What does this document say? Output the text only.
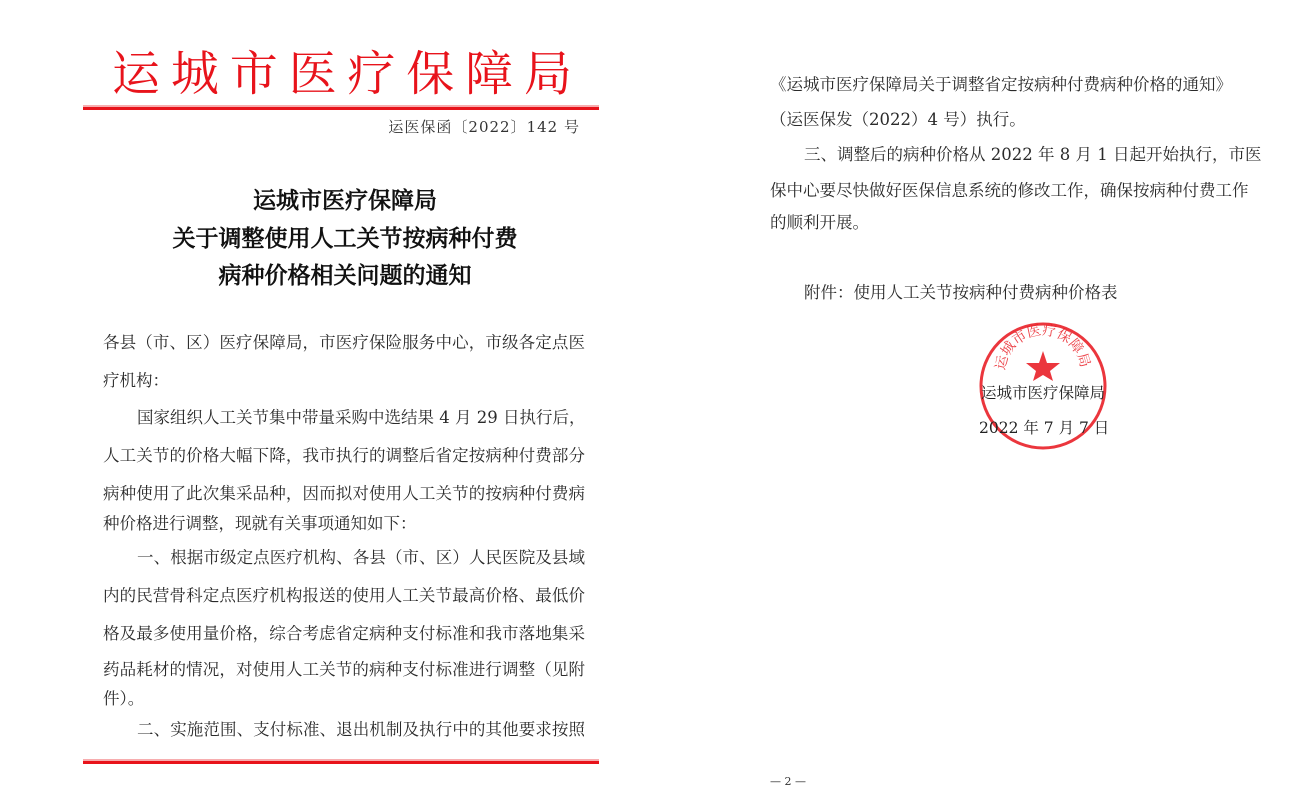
运城市医疗保障局
运医保函〔2022〕142 号
运城市医疗保障局
关于调整使用人工关节按病种付费
病种价格相关问题的通知
各县（市、区）医疗保障局，市医疗保险服务中心，市级各定点医
疗机构：
国家组织人工关节集中带量采购中选结果 4 月 29 日执行后，
人工关节的价格大幅下降，我市执行的调整后省定按病种付费部分
病种使用了此次集采品种，因而拟对使用人工关节的按病种付费病
种价格进行调整，现就有关事项通知如下：
一、根据市级定点医疗机构、各县（市、区）人民医院及县域
内的民营骨科定点医疗机构报送的使用人工关节最高价格、最低价
格及最多使用量价格，综合考虑省定病种支付标准和我市落地集采
药品耗材的情况，对使用人工关节的病种支付标准进行调整（见附
件）。
二、实施范围、支付标准、退出机制及执行中的其他要求按照
《运城市医疗保障局关于调整省定按病种付费病种价格的通知》
（运医保发（2022）4 号）执行。
三、调整后的病种价格从 2022 年 8 月 1 日起开始执行，市医
保中心要尽快做好医保信息系统的修改工作，确保按病种付费工作
的顺利开展。
附件：使用人工关节按病种付费病种价格表
运城市医疗保障局
运城市医疗保障局
2022 年 7 月 7 日
— 2 —
